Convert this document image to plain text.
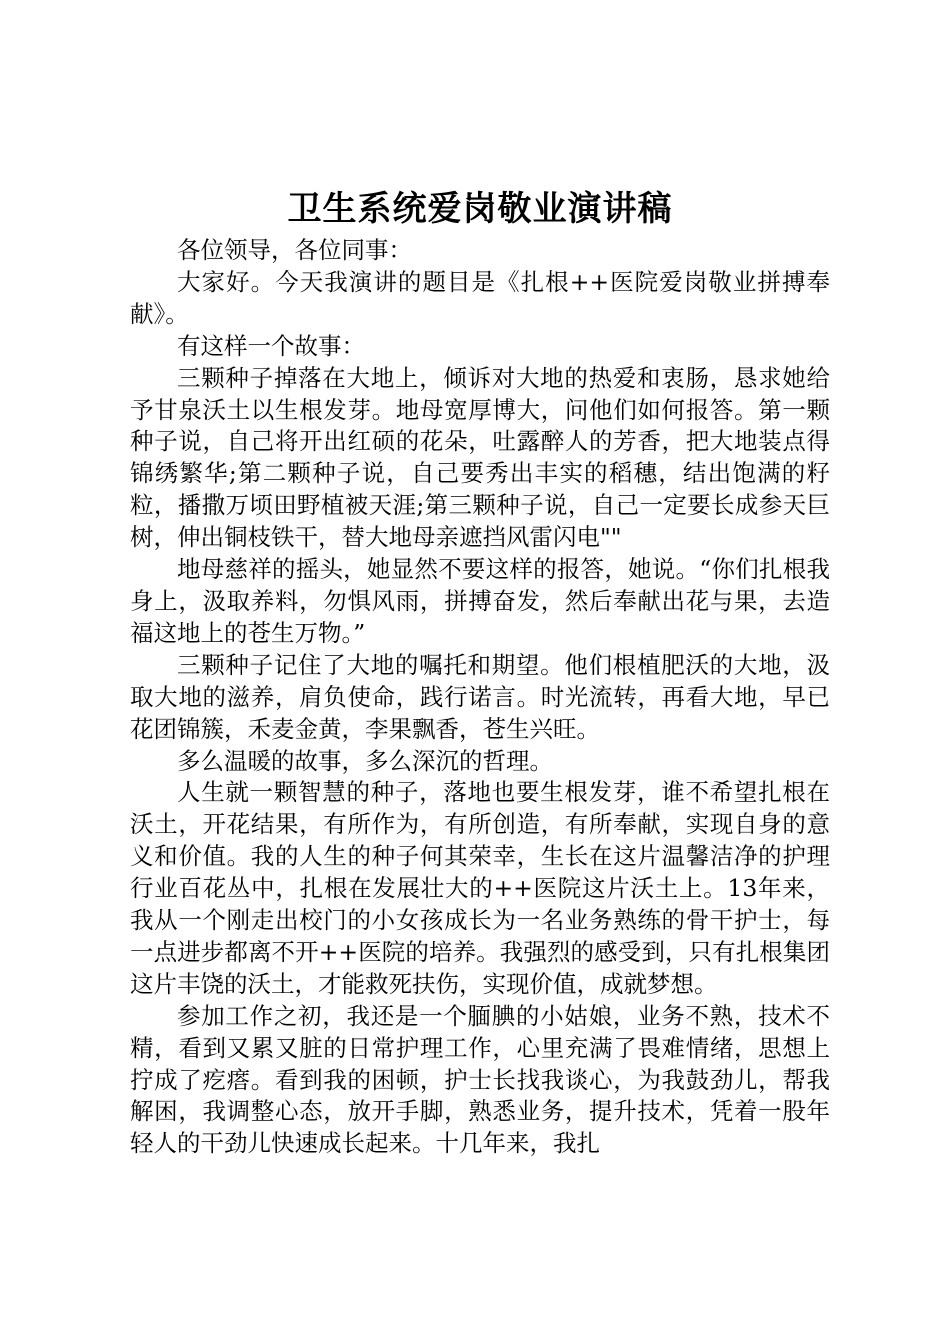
卫生系统爱岗敬业演讲稿

各位领导，各位同事：

大家好。今天我演讲的题目是《扎根++医院爱岗敬业拼搏奉献》。

有这样一个故事：

三颗种子掉落在大地上，倾诉对大地的热爱和衷肠，恳求她给予甘泉沃土以生根发芽。地母宽厚博大，问他们如何报答。第一颗种子说，自己将开出红硕的花朵，吐露醉人的芳香，把大地装点得锦绣繁华;第二颗种子说，自己要秀出丰实的稻穗，结出饱满的籽粒，播撒万顷田野植被天涯;第三颗种子说，自己一定要长成参天巨树，伸出铜枝铁干，替大地母亲遮挡风雷闪电""

地母慈祥的摇头，她显然不要这样的报答，她说。“你们扎根我身上，汲取养料，勿惧风雨，拼搏奋发，然后奉献出花与果，去造福这地上的苍生万物。”

三颗种子记住了大地的嘱托和期望。他们根植肥沃的大地，汲取大地的滋养，肩负使命，践行诺言。时光流转，再看大地，早已花团锦簇，禾麦金黄，李果飘香，苍生兴旺。

多么温暖的故事，多么深沉的哲理。

人生就一颗智慧的种子，落地也要生根发芽，谁不希望扎根在沃土，开花结果，有所作为，有所创造，有所奉献，实现自身的意义和价值。我的人生的种子何其荣幸，生长在这片温馨洁净的护理行业百花丛中，扎根在发展壮大的++医院这片沃土上。13年来，我从一个刚走出校门的小女孩成长为一名业务熟练的骨干护士，每一点进步都离不开++医院的培养。我强烈的感受到，只有扎根集团这片丰饶的沃土，才能救死扶伤，实现价值，成就梦想。

参加工作之初，我还是一个腼腆的小姑娘，业务不熟，技术不精，看到又累又脏的日常护理工作，心里充满了畏难情绪，思想上拧成了疙瘩。看到我的困顿，护士长找我谈心，为我鼓劲儿，帮我解困，我调整心态，放开手脚，熟悉业务，提升技术，凭着一股年轻人的干劲儿快速成长起来。十几年来，我扎
